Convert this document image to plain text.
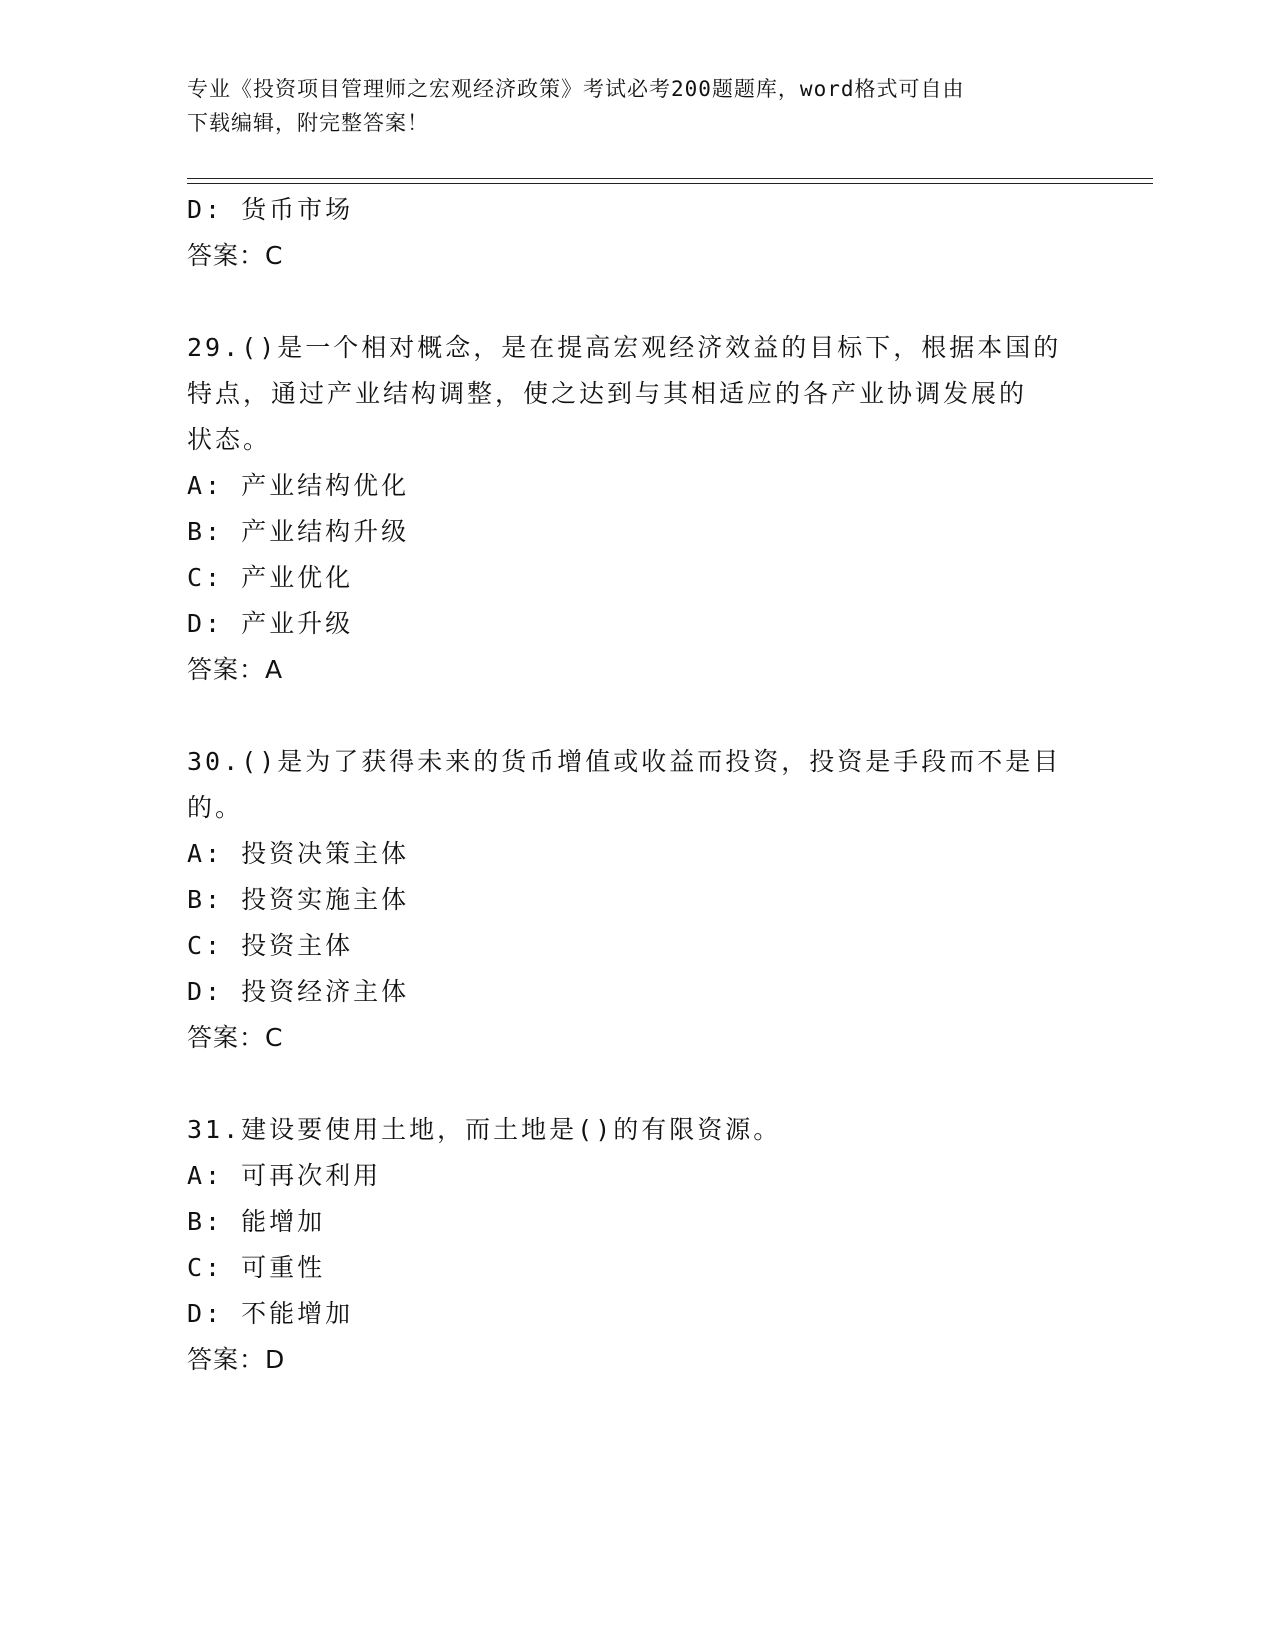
专业《投资项目管理师之宏观经济政策》考试必考200题题库，word格式可自由
下载编辑，附完整答案！
D: 货币市场
答案：C
29.()是一个相对概念，是在提高宏观经济效益的目标下，根据本国的
特点，通过产业结构调整，使之达到与其相适应的各产业协调发展的
状态。
A: 产业结构优化
B: 产业结构升级
C: 产业优化
D: 产业升级
答案：A
30.()是为了获得未来的货币增值或收益而投资，投资是手段而不是目
的。
A: 投资决策主体
B: 投资实施主体
C: 投资主体
D: 投资经济主体
答案：C
31.建设要使用土地，而土地是()的有限资源。
A: 可再次利用
B: 能增加
C: 可重性
D: 不能增加
答案：D
